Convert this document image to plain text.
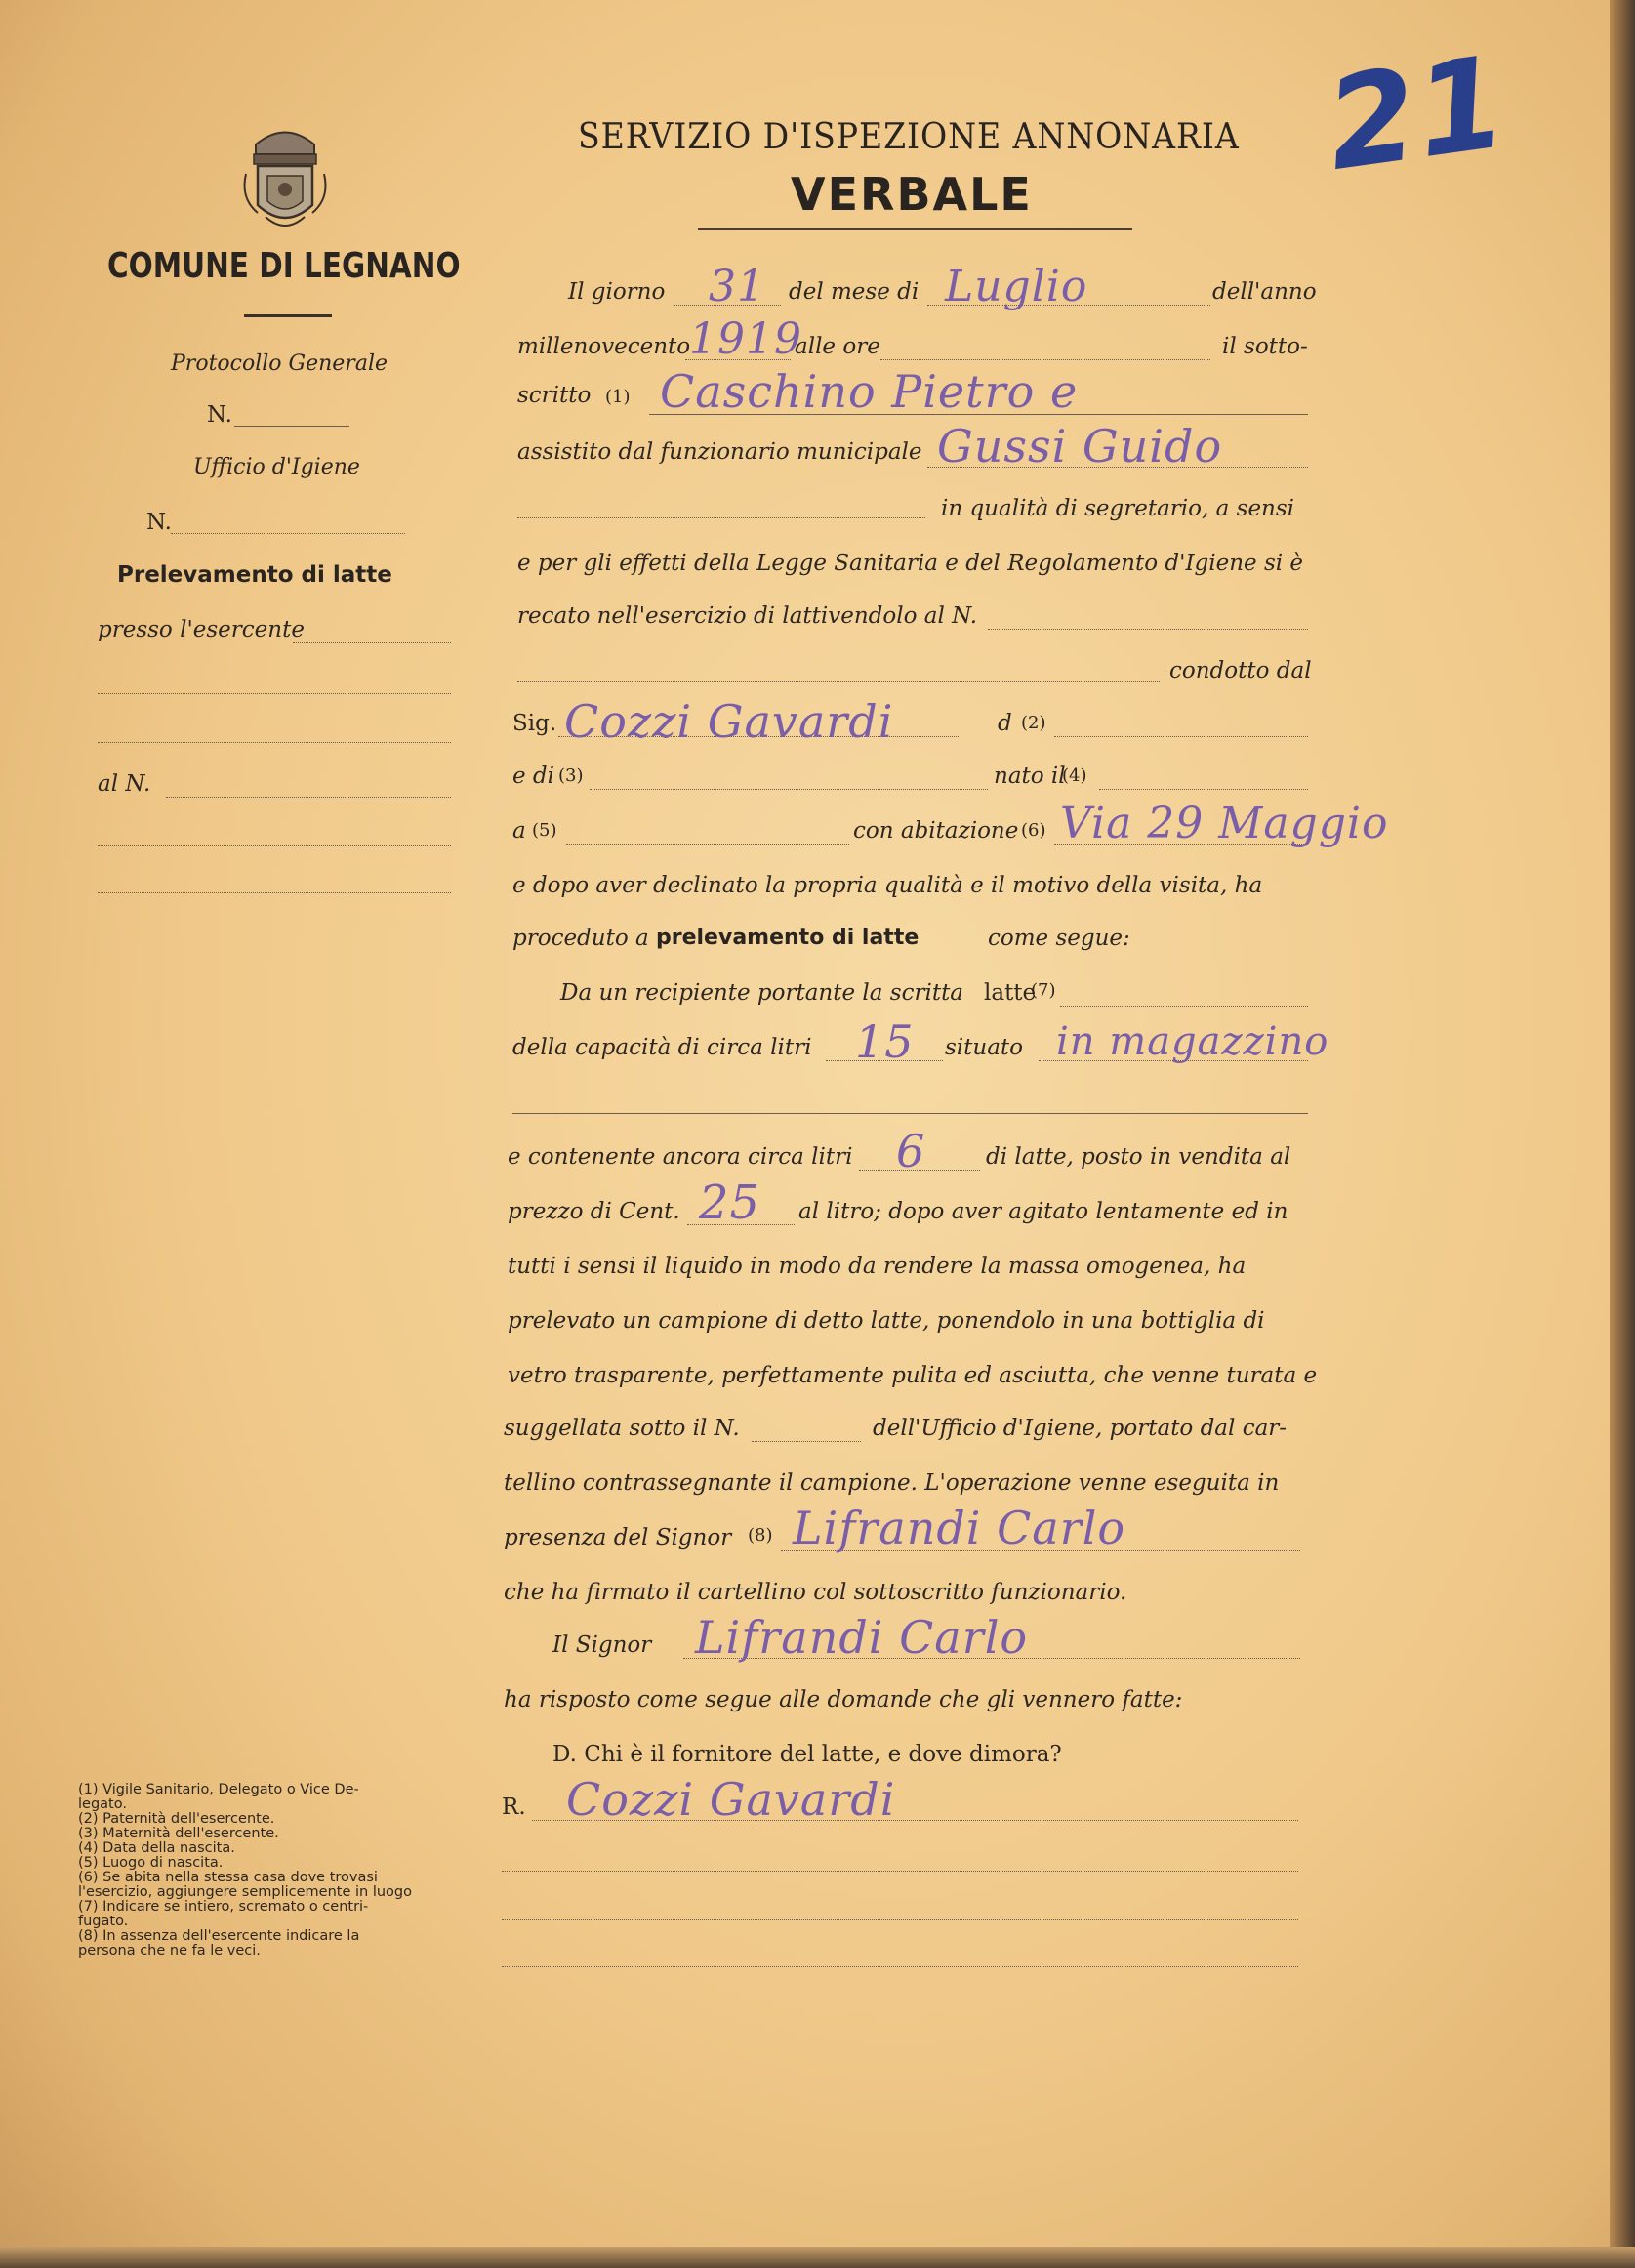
21
COMUNE DI LEGNANO
Protocollo Generale
N.
Ufficio d'Igiene
N.
Prelevamento di latte
presso l'esercente
al N.
SERVIZIO D'ISPEZIONE ANNONARIA
VERBALE
Il giorno 31 del mese di Luglio	dell'anno
millenovecento
1919
alle ore	il sotto-
scritto (1) Caschino Pietro e
assistito dal funzionario municipale Gussi Guido
in qualità di segretario, a sensi
e per gli effetti della Legge Sanitaria e del Regolamento d'Igiene si è
recato nell'esercizio di lattivendolo al N.
condotto dal
Sig. Cozzi Gavardi	d (2)
e di (3)	nato il
(4)
a (5)	con abitazione (6) Via 29 Maggio
e dopo aver declinato la propria qualità e il motivo della visita, ha
proceduto a prelevamento di latte	come segue:
Da un recipiente portante la scritta latte
(7)
della capacità di circa litri 15 situato in magazzino
e contenente ancora circa litri 6	di latte, posto in vendita al
prezzo di Cent. 25 al litro; dopo aver agitato lentamente ed in
tutti i sensi il liquido in modo da rendere la massa omogenea, ha
prelevato un campione di detto latte, ponendolo in una bottiglia di
vetro trasparente, perfettamente pulita ed asciutta, che venne turata e
suggellata sotto il N.	dell'Ufficio d'Igiene, portato dal car-
tellino contrassegnante il campione. L'operazione venne eseguita in
presenza del Signor (8) Lifrandi Carlo
che ha firmato il cartellino col sottoscritto funzionario.
Il Signor Lifrandi Carlo
ha risposto come segue alle domande che gli vennero fatte:
D. Chi è il fornitore del latte, e dove dimora?
R. Cozzi Gavardi
(1) Vigile Sanitario, Delegato o Vice De-
legato.
(2) Paternità dell'esercente.
(3) Maternità dell'esercente.
(4) Data della nascita.
(5) Luogo di nascita.
(6) Se abita nella stessa casa dove trovasi
l'esercizio, aggiungere semplicemente in luogo
(7) Indicare se intiero, scremato o centri-
fugato.
(8) In assenza dell'esercente indicare la
persona che ne fa le veci.
